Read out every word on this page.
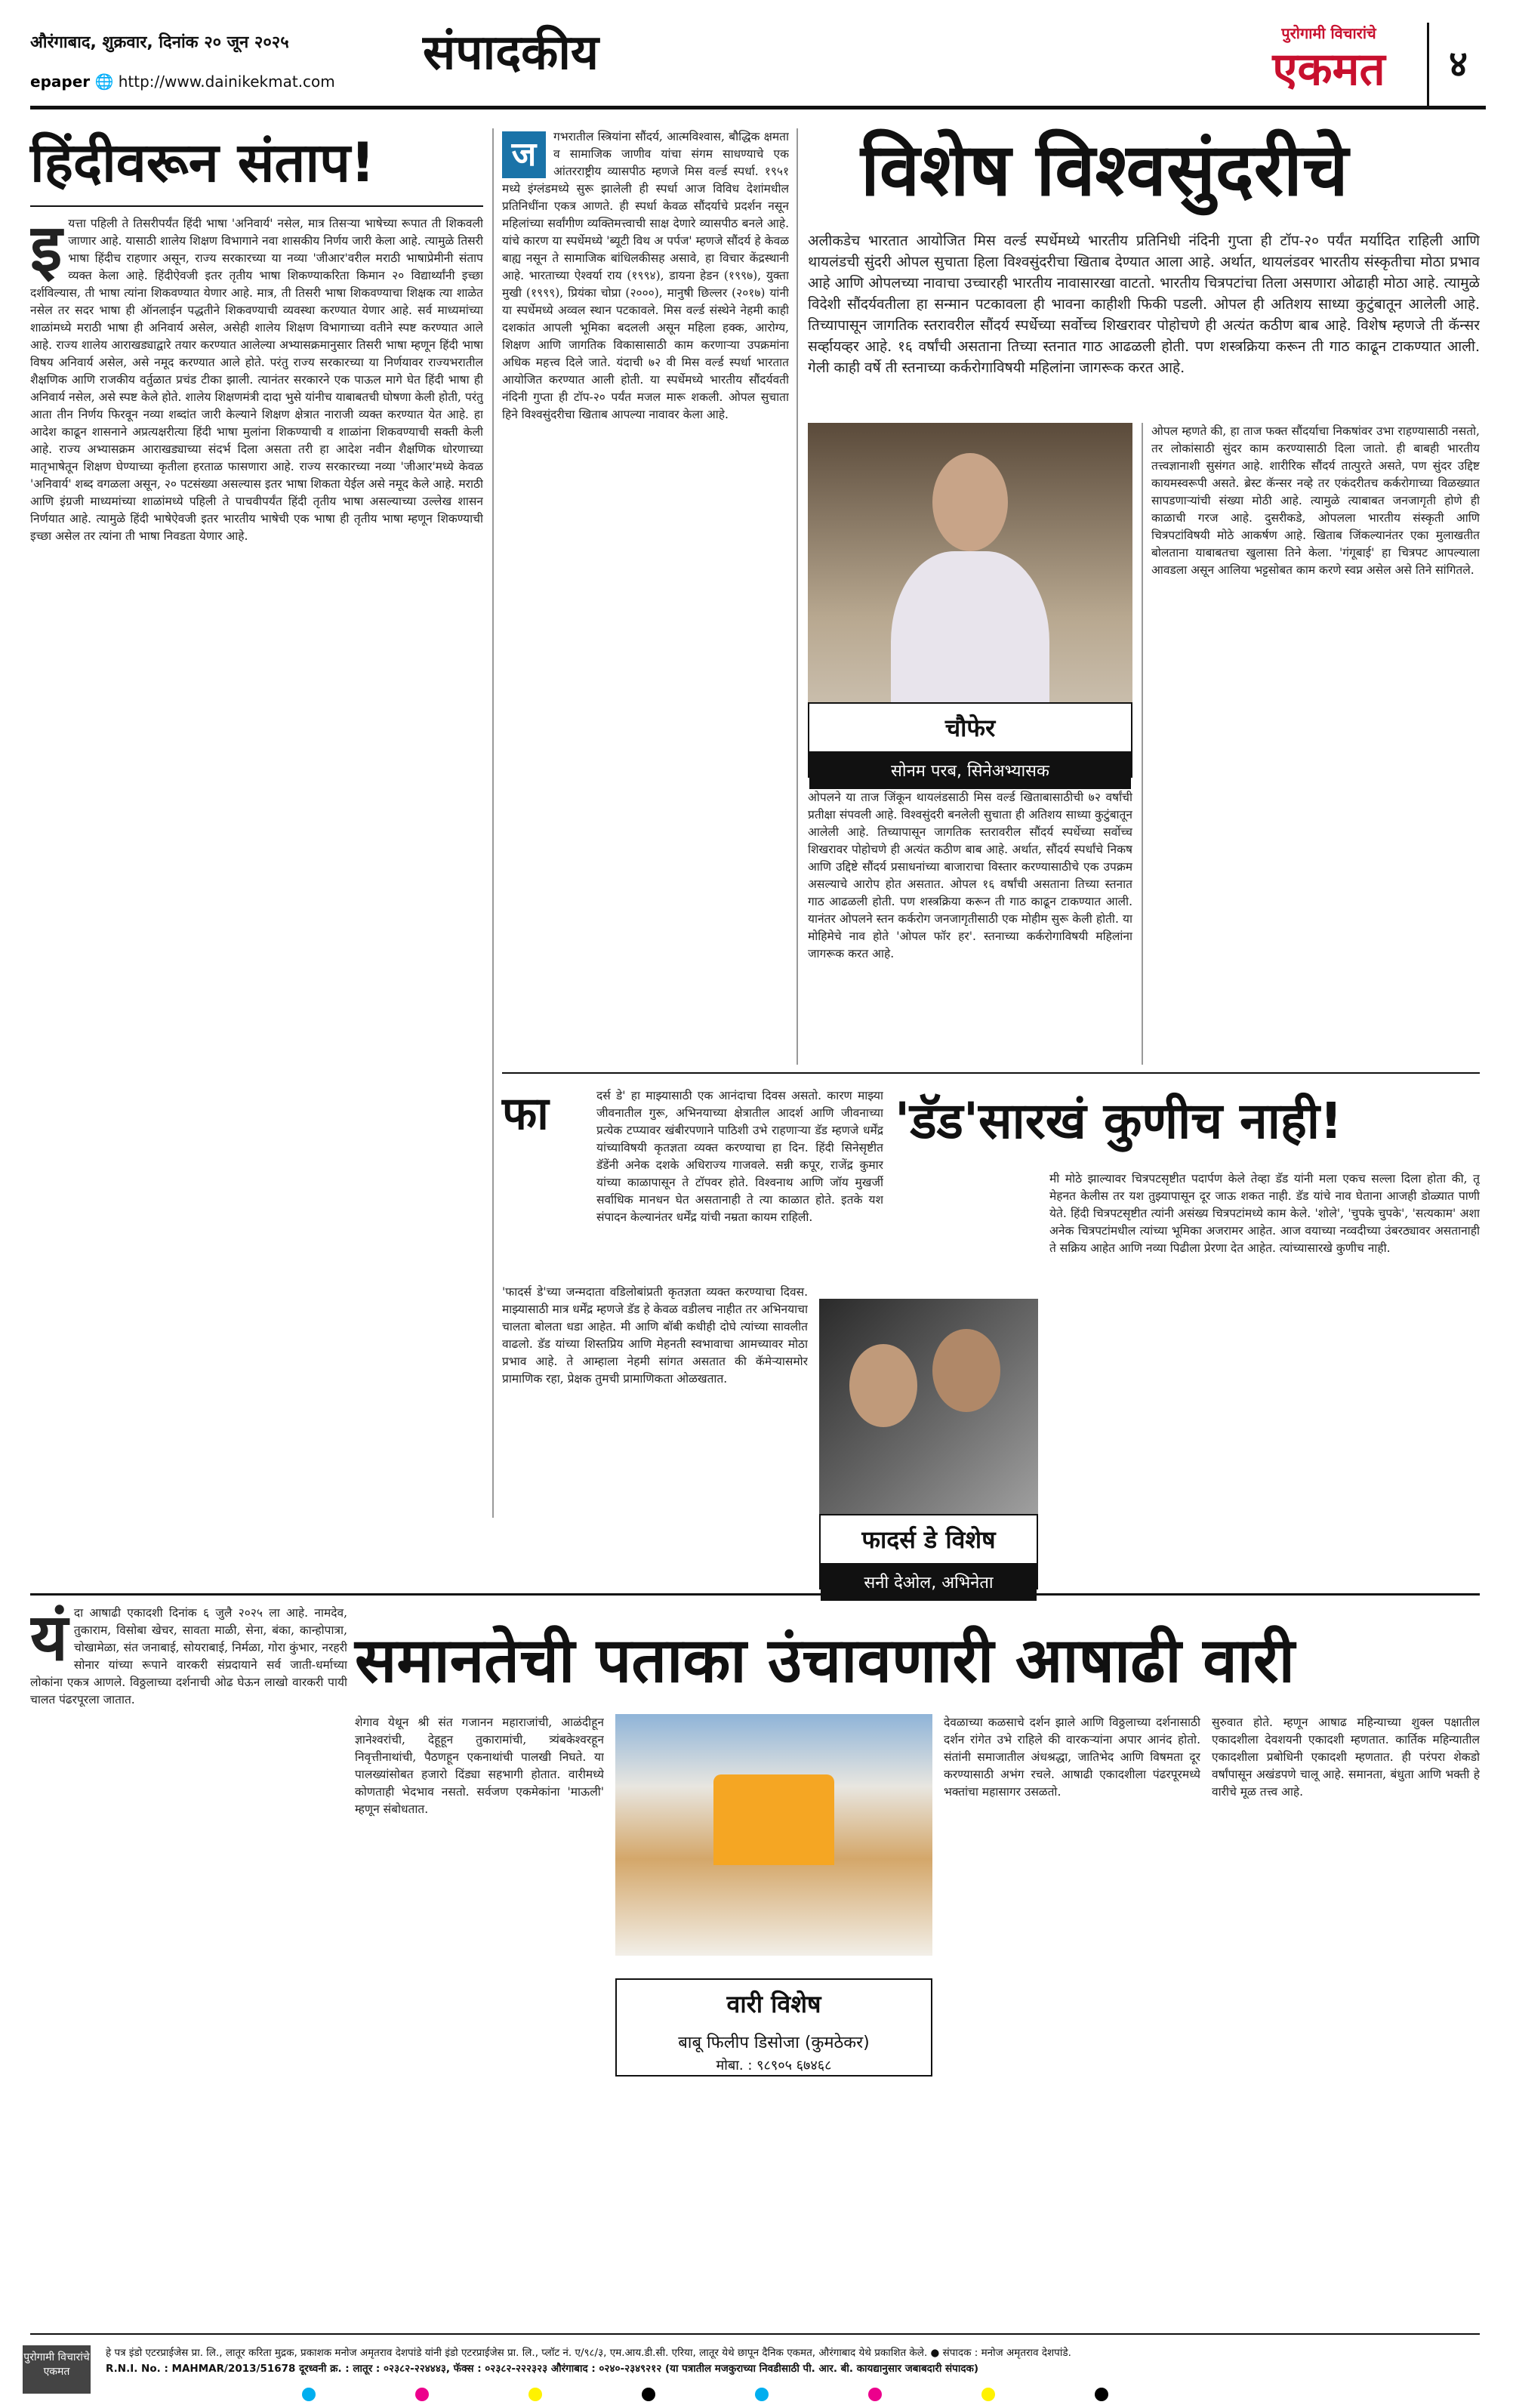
औरंगाबाद, शुक्रवार, दिनांक २० जून २०२५
epaper 🌐 http://www.dainikekmat.com
संपादकीय	पुरोगामी विचारांचे
एकमत	४
हिंदीवरून संताप!
इ यत्ता पहिली ते तिसरीपर्यंत हिंदी भाषा 'अनिवार्य' नसेल, मात्र तिसऱ्या भाषेच्या रूपात ती शिकवली जाणार आहे. यासाठी शालेय शिक्षण विभागाने नवा शासकीय निर्णय जारी केला आहे. त्यामुळे तिसरी भाषा हिंदीच राहणार असून, राज्य सरकारच्या या नव्या 'जीआर'वरील मराठी भाषाप्रेमीनी संताप व्यक्त केला आहे. हिंदीऐवजी इतर तृतीय भाषा शिकण्याकरिता किमान २० विद्यार्थ्यांनी इच्छा दर्शविल्यास, ती भाषा त्यांना शिकवण्यात येणार आहे. मात्र, ती तिसरी भाषा शिकवण्याचा शिक्षक त्या शाळेत नसेल तर सदर भाषा ही ऑनलाईन पद्धतीने शिकवण्याची व्यवस्था करण्यात येणार आहे. सर्व माध्यमांच्या शाळांमध्ये मराठी भाषा ही अनिवार्य असेल, असेही शालेय शिक्षण विभागाच्या वतीने स्पष्ट करण्यात आले आहे. राज्य शालेय आराखड्याद्वारे तयार करण्यात आलेल्या अभ्यासक्रमानुसार तिसरी भाषा म्हणून हिंदी भाषा विषय अनिवार्य असेल, असे नमूद करण्यात आले होते. परंतु राज्य सरकारच्या या निर्णयावर राज्यभरातील शैक्षणिक आणि राजकीय वर्तुळात प्रचंड टीका झाली. त्यानंतर सरकारने एक पाऊल मागे घेत हिंदी भाषा ही अनिवार्य नसेल, असे स्पष्ट केले होते. शालेय शिक्षणमंत्री दादा भुसे यांनीच याबाबतची घोषणा केली होती, परंतु आता तीन निर्णय फिरवून नव्या शब्दांत जारी केल्याने शिक्षण क्षेत्रात नाराजी व्यक्त करण्यात येत आहे. हा आदेश काढून शासनाने अप्रत्यक्षरीत्या हिंदी भाषा मुलांना शिकण्याची व शाळांना शिकवण्याची सक्ती केली आहे. राज्य अभ्यासक्रम आराखड्याच्या संदर्भ दिला असता तरी हा आदेश नवीन शैक्षणिक धोरणाच्या मातृभाषेतून शिक्षण घेण्याच्या कृतीला हरताळ फासणारा आहे. राज्य सरकारच्या नव्या 'जीआर'मध्ये केवळ 'अनिवार्य' शब्द वगळला असून, २० पटसंख्या असल्यास इतर भाषा शिकता येईल असे नमूद केले आहे. मराठी आणि इंग्रजी माध्यमांच्या शाळांमध्ये पहिली ते पाचवीपर्यंत हिंदी तृतीय भाषा असल्याच्या उल्लेख शासन निर्णयात आहे. त्यामुळे हिंदी भाषेऐवजी इतर भारतीय भाषेची एक भाषा ही तृतीय भाषा म्हणून शिकण्याची इच्छा असेल तर त्यांना ती भाषा निवडता येणार आहे.
ज	गभरातील स्त्रियांना सौंदर्य, आत्मविश्वास, बौद्धिक क्षमता व सामाजिक जाणीव यांचा संगम साधण्याचे एक आंतरराष्ट्रीय व्यासपीठ म्हणजे मिस वर्ल्ड स्पर्धा. १९५१ मध्ये इंग्लंडमध्ये सुरू झालेली ही स्पर्धा आज विविध देशांमधील प्रतिनिधींना एकत्र आणते. ही स्पर्धा केवळ सौंदर्याचे प्रदर्शन नसून महिलांच्या सर्वांगीण व्यक्तिमत्त्वाची साक्ष देणारे व्यासपीठ बनले आहे. यांचे कारण या स्पर्धेमध्ये 'ब्यूटी विथ अ पर्पज' म्हणजे सौंदर्य हे केवळ बाह्य नसून ते सामाजिक बांधिलकीसह असावे, हा विचार केंद्रस्थानी आहे. भारताच्या ऐश्वर्या राय (१९९४), डायना हेडन (१९९७), युक्ता मुखी (१९९९), प्रियंका चोप्रा (२०००), मानुषी छिल्लर (२०१७) यांनी या स्पर्धेमध्ये अव्वल स्थान पटकावले. मिस वर्ल्ड संस्थेने नेहमी काही दशकांत आपली भूमिका बदलली असून महिला हक्क, आरोग्य, शिक्षण आणि जागतिक विकासासाठी काम करणाऱ्या उपक्रमांना अधिक महत्त्व दिले जाते. यंदाची ७२ वी मिस वर्ल्ड स्पर्धा भारतात आयोजित करण्यात आली होती. या स्पर्धेमध्ये भारतीय सौंदर्यवती नंदिनी गुप्ता ही टॉप-२० पर्यंत मजल मारू शकली. ओपल सुचाता हिने विश्वसुंदरीचा खिताब आपल्या नावावर केला आहे.
विशेष विश्वसुंदरीचे
अलीकडेच भारतात आयोजित मिस वर्ल्ड स्पर्धेमध्ये भारतीय प्रतिनिधी नंदिनी गुप्ता ही टॉप-२० पर्यंत मर्यादित राहिली आणि थायलंडची सुंदरी ओपल सुचाता हिला विश्वसुंदरीचा खिताब देण्यात आला आहे. अर्थात, थायलंडवर भारतीय संस्कृतीचा मोठा प्रभाव आहे आणि ओपलच्या नावाचा उच्चारही भारतीय नावासारखा वाटतो. भारतीय चित्रपटांचा तिला असणारा ओढाही मोठा आहे. त्यामुळे विदेशी सौंदर्यवतीला हा सन्मान पटकावला ही भावना काहीशी फिकी पडली. ओपल ही अतिशय साध्या कुटुंबातून आलेली आहे. तिच्यापासून जागतिक स्तरावरील सौंदर्य स्पर्धेच्या सर्वोच्च शिखरावर पोहोचणे ही अत्यंत कठीण बाब आहे. विशेष म्हणजे ती कॅन्सर सर्व्हायव्हर आहे. १६ वर्षांची असताना तिच्या स्तनात गाठ आढळली होती. पण शस्त्रक्रिया करून ती गाठ काढून टाकण्यात आली. गेली काही वर्षे ती स्तनाच्या कर्करोगाविषयी महिलांना जागरूक करत आहे.
चौफेर
सोनम परब, सिनेअभ्यासक
ओपलने या ताज जिंकून थायलंडसाठी मिस वर्ल्ड खिताबासाठीची ७२ वर्षांची प्रतीक्षा संपवली आहे. विश्वसुंदरी बनलेली सुचाता ही अतिशय साध्या कुटुंबातून आलेली आहे. तिच्यापासून जागतिक स्तरावरील सौंदर्य स्पर्धेच्या सर्वोच्च शिखरावर पोहोचणे ही अत्यंत कठीण बाब आहे. अर्थात, सौंदर्य स्पर्धांचे निकष आणि उद्दिष्टे सौंदर्य प्रसाधनांच्या बाजाराचा विस्तार करण्यासाठीचे एक उपक्रम असल्याचे आरोप होत असतात. ओपल १६ वर्षांची असताना तिच्या स्तनात गाठ आढळली होती. पण शस्त्रक्रिया करून ती गाठ काढून टाकण्यात आली. यानंतर ओपलने स्तन कर्करोग जनजागृतीसाठी एक मोहीम सुरू केली होती. या मोहिमेचे नाव होते 'ओपल फॉर हर'. स्तनाच्या कर्करोगाविषयी महिलांना जागरूक करत आहे.
ओपल म्हणते की, हा ताज फक्त सौंदर्याचा निकषांवर उभा राहण्यासाठी नसतो, तर लोकांसाठी सुंदर काम करण्यासाठी दिला जातो. ही बाबही भारतीय तत्त्वज्ञानाशी सुसंगत आहे. शारीरिक सौंदर्य तात्पुरते असते, पण सुंदर उद्दिष्ट कायमस्वरूपी असते. ब्रेस्ट कॅन्सर नव्हे तर एकंदरीतच कर्करोगाच्या विळख्यात सापडणाऱ्यांची संख्या मोठी आहे. त्यामुळे त्याबाबत जनजागृती होणे ही काळाची गरज आहे. दुसरीकडे, ओपलला भारतीय संस्कृती आणि चित्रपटांविषयी मोठे आकर्षण आहे. खिताब जिंकल्यानंतर एका मुलाखतीत बोलताना याबाबतचा खुलासा तिने केला. 'गंगूबाई' हा चित्रपट आपल्याला आवडला असून आलिया भट्टसोबत काम करणे स्वप्न असेल असे तिने सांगितले.
फा	दर्स डे' हा माझ्यासाठी एक आनंदाचा दिवस असतो. कारण माझ्या जीवनातील गुरू, अभिनयाच्या क्षेत्रातील आदर्श आणि जीवनाच्या प्रत्येक टप्प्यावर खंबीरपणाने पाठिशी उभे राहणाऱ्या डॅड म्हणजे धर्मेंद्र यांच्याविषयी कृतज्ञता व्यक्त करण्याचा हा दिन. हिंदी सिनेसृष्टीत डॅडेंनी अनेक दशके अधिराज्य गाजवले. सन्नी कपूर, राजेंद्र कुमार यांच्या काळापासून ते टॉपवर होते. विश्वनाथ आणि जॉय मुखर्जी सर्वाधिक मानधन घेत असतानाही ते त्या काळात होते. इतके यश संपादन केल्यानंतर धर्मेंद्र यांची नम्रता कायम राहिली.
'डॅड'सारखं कुणीच नाही!
फादर्स डे विशेष
सनी देओल, अभिनेता
'फादर्स डे'च्या जन्मदाता वडिलोबांप्रती कृतज्ञता व्यक्त करण्याचा दिवस. माझ्यासाठी मात्र धर्मेंद्र म्हणजे डॅड हे केवळ वडीलच नाहीत तर अभिनयाचा चालता बोलता धडा आहेत. मी आणि बॉबी कधीही दोघे त्यांच्या सावलीत वाढलो. डॅड यांच्या शिस्तप्रिय आणि मेहनती स्वभावाचा आमच्यावर मोठा प्रभाव आहे. ते आम्हाला नेहमी सांगत असतात की कॅमेऱ्यासमोर प्रामाणिक रहा, प्रेक्षक तुमची प्रामाणिकता ओळखतात.
मी मोठे झाल्यावर चित्रपटसृष्टीत पदार्पण केले तेव्हा डॅड यांनी मला एकच सल्ला दिला होता की, तू मेहनत केलीस तर यश तुझ्यापासून दूर जाऊ शकत नाही. डॅड यांचे नाव घेताना आजही डोळ्यात पाणी येते. हिंदी चित्रपटसृष्टीत त्यांनी असंख्य चित्रपटांमध्ये काम केले. 'शोले', 'चुपके चुपके', 'सत्यकाम' अशा अनेक चित्रपटांमधील त्यांच्या भूमिका अजरामर आहेत. आज वयाच्या नव्वदीच्या उंबरठ्यावर असतानाही ते सक्रिय आहेत आणि नव्या पिढीला प्रेरणा देत आहेत. त्यांच्यासारखे कुणीच नाही.
यं दा आषाढी एकादशी दिनांक ६ जुलै २०२५ ला आहे. नामदेव, तुकाराम, विसोबा खेचर, सावता माळी, सेना, बंका, कान्होपात्रा, चोखामेळा, संत जनाबाई, सोयराबाई, निर्मळा, गोरा कुंभार, नरहरी सोनार यांच्या रूपाने वारकरी संप्रदायाने सर्व जाती-धर्माच्या लोकांना एकत्र आणले. विठ्ठलाच्या दर्शनाची ओढ घेऊन लाखो वारकरी पायी चालत पंढरपूरला जातात.
समानतेची पताका उंचावणारी आषाढी वारी
शेगाव येथून श्री संत गजानन महाराजांची, आळंदीहून ज्ञानेश्वरांची, देहूहून तुकारामांची, त्र्यंबकेश्वरहून निवृत्तीनाथांची, पैठणहून एकनाथांची पालखी निघते. या पालख्यांसोबत हजारो दिंड्या सहभागी होतात. वारीमध्ये कोणताही भेदभाव नसतो. सर्वजण एकमेकांना 'माऊली' म्हणून संबोधतात.
वारी विशेष
बाबू फिलीप डिसोजा (कुमठेकर)
मोबा. : ९८९०५ ६७४६८
देवळाच्या कळसाचे दर्शन झाले आणि विठ्ठलाच्या दर्शनासाठी दर्शन रांगेत उभे राहिले की वारकऱ्यांना अपार आनंद होतो. संतांनी समाजातील अंधश्रद्धा, जातिभेद आणि विषमता दूर करण्यासाठी अभंग रचले. आषाढी एकादशीला पंढरपूरमध्ये भक्तांचा महासागर उसळतो.
सुरुवात होते. म्हणून आषाढ महिन्याच्या शुक्ल पक्षातील एकादशीला देवशयनी एकादशी म्हणतात. कार्तिक महिन्यातील एकादशीला प्रबोधिनी एकादशी म्हणतात. ही परंपरा शेकडो वर्षांपासून अखंडपणे चालू आहे. समानता, बंधुता आणि भक्ती हे वारीचे मूळ तत्त्व आहे.
पुरोगामी विचारांचे एकमत
हे पत्र इंडो एटरप्राईजेस प्रा. लि., लातूर करिता मुद्रक, प्रकाशक मनोज अमृतराव देशपांडे यांनी इंडो एटरप्राईजेस प्रा. लि., प्लॉट नं. ए/९८/३, एम.आय.डी.सी. एरिया, लातूर येथे छापून दैनिक एकमत, औरंगाबाद येथे प्रकाशित केले. ● संपादक : मनोज अमृतराव देशपांडे.
R.N.I. No. : MAHMAR/2013/51678 दूरध्वनी क्र. : लातूर : ०२३८२-२२४४४३, फॅक्स : ०२३८२-२२२३२३ औरंगाबाद : ०२४०-२३४९२१२ (या पत्रातील मजकुराच्या निवडीसाठी पी. आर. बी. कायद्यानुसार जबाबदारी संपादक)
